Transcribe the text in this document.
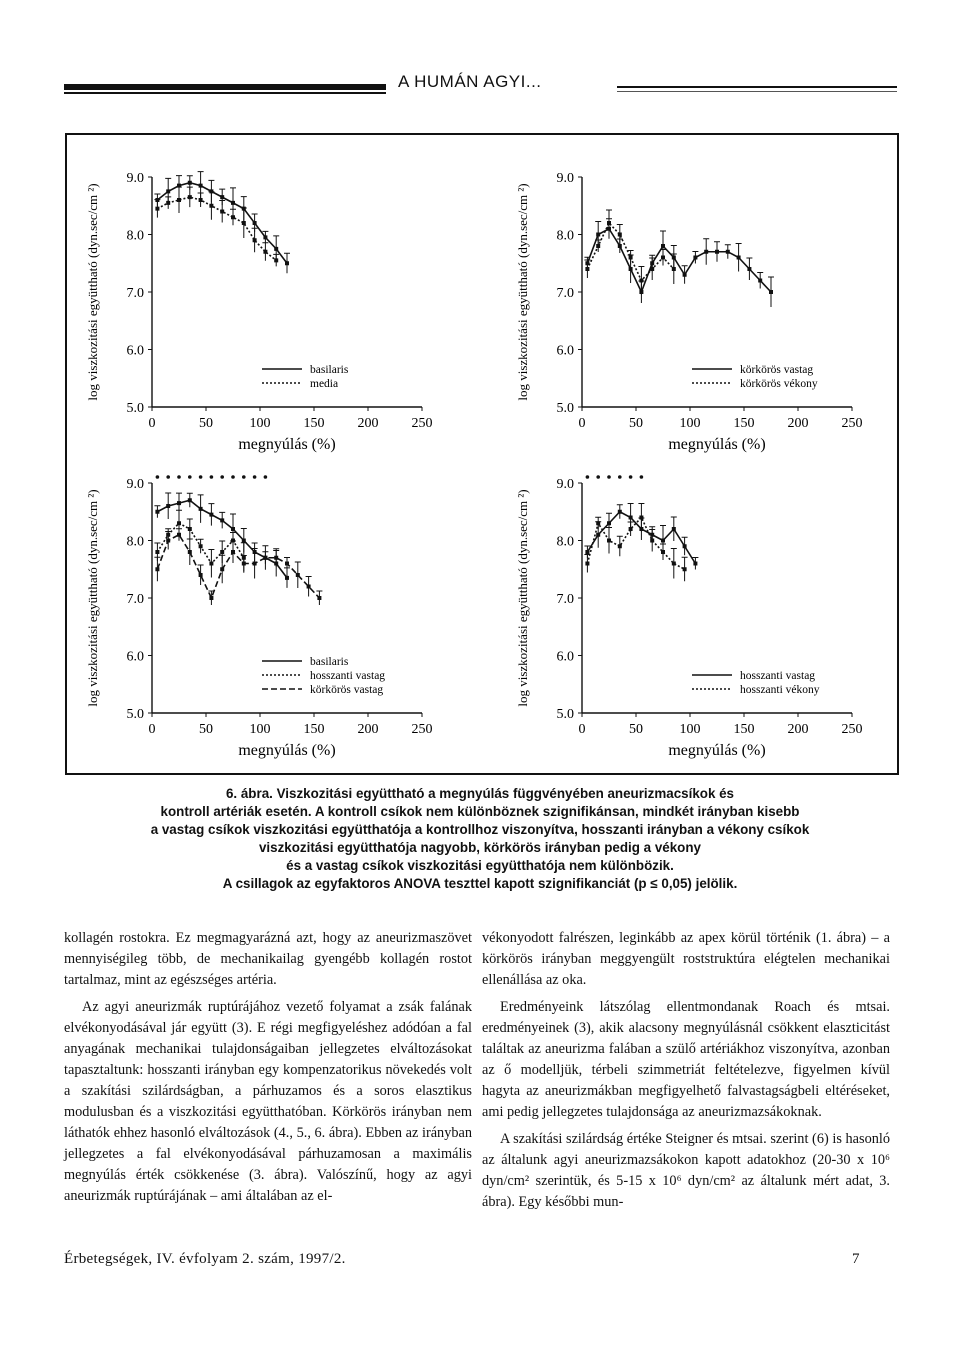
A HUMÁN AGYI...
5.0
6.0
7.0
8.0
9.0
0	50	100 150 200 250
megnyúlás (%)
log viszkozitási együttható (dyn.sec/cm ²)	basilaris
media
5.0
6.0
7.0
8.0
9.0
0	50	100 150 200 250
megnyúlás (%)
log viszkozitási együttható (dyn.sec/cm ²)	körkörös vastag
körkörös vékony
5.0
6.0
7.0
8.0
9.0
0	50	100 150 200 250
megnyúlás (%)
log viszkozitási együttható (dyn.sec/cm ²)	basilaris
hosszanti vastag
körkörös vastag
5.0
6.0
7.0
8.0
9.0
0	50	100 150 200 250
megnyúlás (%)
log viszkozitási együttható (dyn.sec/cm ²)	hosszanti vastag
hosszanti vékony
6. ábra. Viszkozitási együttható a megnyúlás függvényében aneurizmacsíkok és
kontroll artériák esetén. A kontroll csíkok nem különböznek szignifikánsan, mindkét irányban kisebb
a vastag csíkok viszkozitási együtthatója a kontrollhoz viszonyítva, hosszanti irányban a vékony csíkok
viszkozitási együtthatója nagyobb, körkörös irányban pedig a vékony
és a vastag csíkok viszkozitási együtthatója nem különbözik.
A csillagok az egyfaktoros ANOVA teszttel kapott szignifikanciát (p ≤ 0,05) jelölik.

kollagén rostokra. Ez megmagyarázná azt, hogy az aneurizmaszövet mennyiségileg több, de mechanikailag gyengébb kollagén rostot tartalmaz, mint az egészséges artéria.

Az agyi aneurizmák ruptúrájához vezető folyamat a zsák falának elvékonyodásával jár együtt (3). E régi megfigyeléshez adódóan a fal anyagának mechanikai tulajdonságaiban jellegzetes elváltozásokat tapasztaltunk: hosszanti irányban egy kompenzatorikus növekedés volt a szakítási szilárdságban, a párhuzamos és a soros elasztikus modulusban és a viszkozitási együtthatóban. Körkörös irányban nem láthatók ehhez hasonló elváltozások (4., 5., 6. ábra). Ebben az irányban jellegzetes a fal elvékonyodásával párhuzamosan a maximális megnyúlás érték csökkenése (3. ábra). Valószínű, hogy az agyi aneurizmák ruptúrájának – ami általában az el-

vékonyodott falrészen, leginkább az apex körül történik (1. ábra) – a körkörös irányban meggyengült roststruktúra elégtelen mechanikai ellenállása az oka.

Eredményeink látszólag ellentmondanak Roach és mtsai. eredményeinek (3), akik alacsony megnyúlásnál csökkent elaszticitást találtak az aneurizma falában a szülő artériákhoz viszonyítva, azonban az ő modelljük, térbeli szimmetriát feltételezve, figyelmen kívül hagyta az aneurizmákban megfigyelhető falvastagságbeli eltéréseket, ami pedig jellegzetes tulajdonsága az aneurizmazsákoknak.

A szakítási szilárdság értéke Steigner és mtsai. szerint (6) is hasonló az általunk agyi aneurizmazsákokon kapott adatokhoz (20-30 x 10⁶ dyn/cm² szerintük, és 5-15 x 10⁶ dyn/cm² az általunk mért adat, 3. ábra). Egy későbbi mun-

Érbetegségek, IV. évfolyam 2. szám, 1997/2.	7
